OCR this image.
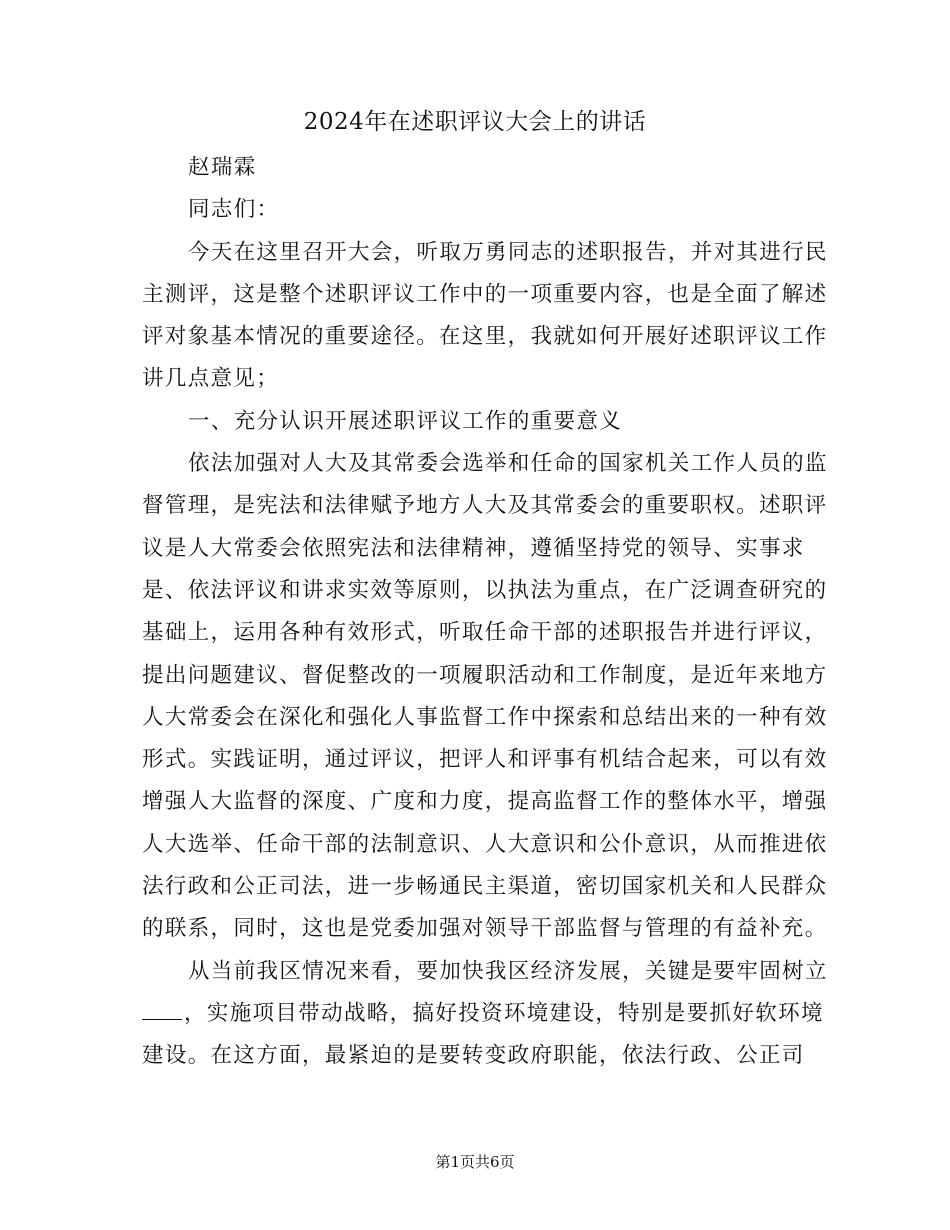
2024年在述职评议大会上的讲话
赵瑞霖
同志们：
今天在这里召开大会，听取万勇同志的述职报告，并对其进行民
主测评，这是整个述职评议工作中的一项重要内容，也是全面了解述
评对象基本情况的重要途径。在这里，我就如何开展好述职评议工作
讲几点意见；
一、充分认识开展述职评议工作的重要意义
依法加强对人大及其常委会选举和任命的国家机关工作人员的监
督管理，是宪法和法律赋予地方人大及其常委会的重要职权。述职评
议是人大常委会依照宪法和法律精神，遵循坚持党的领导、实事求
是、依法评议和讲求实效等原则，以执法为重点，在广泛调查研究的
基础上，运用各种有效形式，听取任命干部的述职报告并进行评议，
提出问题建议、督促整改的一项履职活动和工作制度，是近年来地方
人大常委会在深化和强化人事监督工作中探索和总结出来的一种有效
形式。实践证明，通过评议，把评人和评事有机结合起来，可以有效
增强人大监督的深度、广度和力度，提高监督工作的整体水平，增强
人大选举、任命干部的法制意识、人大意识和公仆意识，从而推进依
法行政和公正司法，进一步畅通民主渠道，密切国家机关和人民群众
的联系，同时，这也是党委加强对领导干部监督与管理的有益补充。
从当前我区情况来看，要加快我区经济发展，关键是要牢固树立
，实施项目带动战略，搞好投资环境建设，特别是要抓好软环境
建设。在这方面，最紧迫的是要转变政府职能，依法行政、公正司
第1页共6页
